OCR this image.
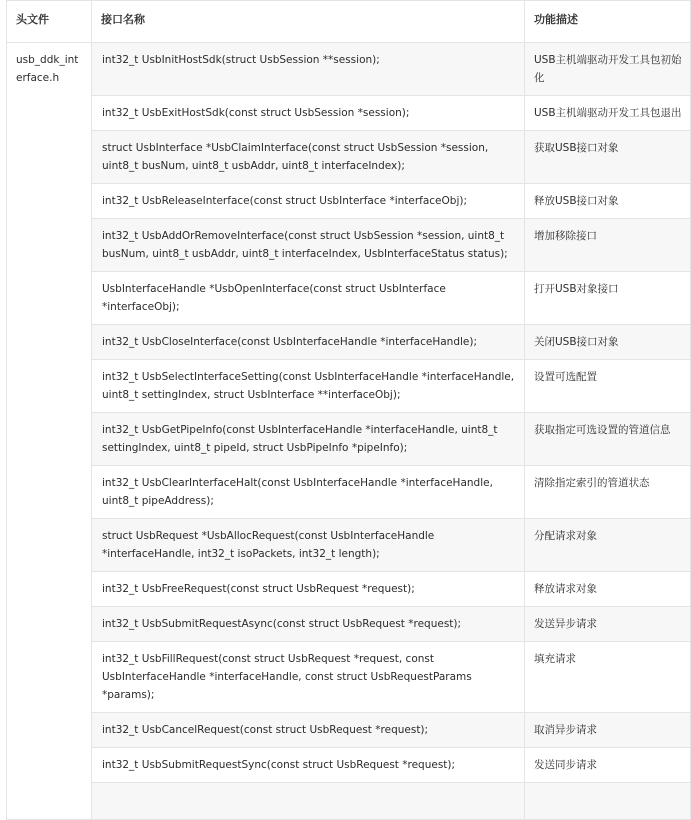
头文件	接口名称	功能描述
usb_ddk_interface.h	int32_t UsbInitHostSdk(struct UsbSession **session);	USB主机端驱动开发工具包初始化
	int32_t UsbExitHostSdk(const struct UsbSession *session);	USB主机端驱动开发工具包退出
	struct UsbInterface *UsbClaimInterface(const struct UsbSession *session, uint8_t busNum, uint8_t usbAddr, uint8_t interfaceIndex);	获取USB接口对象
	int32_t UsbReleaseInterface(const struct UsbInterface *interfaceObj);	释放USB接口对象
	int32_t UsbAddOrRemoveInterface(const struct UsbSession *session, uint8_t busNum, uint8_t usbAddr, uint8_t interfaceIndex, UsbInterfaceStatus status);	增加移除接口
	UsbInterfaceHandle *UsbOpenInterface(const struct UsbInterface *interfaceObj);	打开USB对象接口
	int32_t UsbCloseInterface(const UsbInterfaceHandle *interfaceHandle);	关闭USB接口对象
	int32_t UsbSelectInterfaceSetting(const UsbInterfaceHandle *interfaceHandle, uint8_t settingIndex, struct UsbInterface **interfaceObj);	设置可选配置
	int32_t UsbGetPipeInfo(const UsbInterfaceHandle *interfaceHandle, uint8_t settingIndex, uint8_t pipeId, struct UsbPipeInfo *pipeInfo);	获取指定可选设置的管道信息
	int32_t UsbClearInterfaceHalt(const UsbInterfaceHandle *interfaceHandle, uint8_t pipeAddress);	清除指定索引的管道状态
	struct UsbRequest *UsbAllocRequest(const UsbInterfaceHandle *interfaceHandle, int32_t isoPackets, int32_t length);	分配请求对象
	int32_t UsbFreeRequest(const struct UsbRequest *request);	释放请求对象
	int32_t UsbSubmitRequestAsync(const struct UsbRequest *request);	发送异步请求
	int32_t UsbFillRequest(const struct UsbRequest *request, const UsbInterfaceHandle *interfaceHandle, const struct UsbRequestParams *params);	填充请求
	int32_t UsbCancelRequest(const struct UsbRequest *request);	取消异步请求
	int32_t UsbSubmitRequestSync(const struct UsbRequest *request);	发送同步请求
